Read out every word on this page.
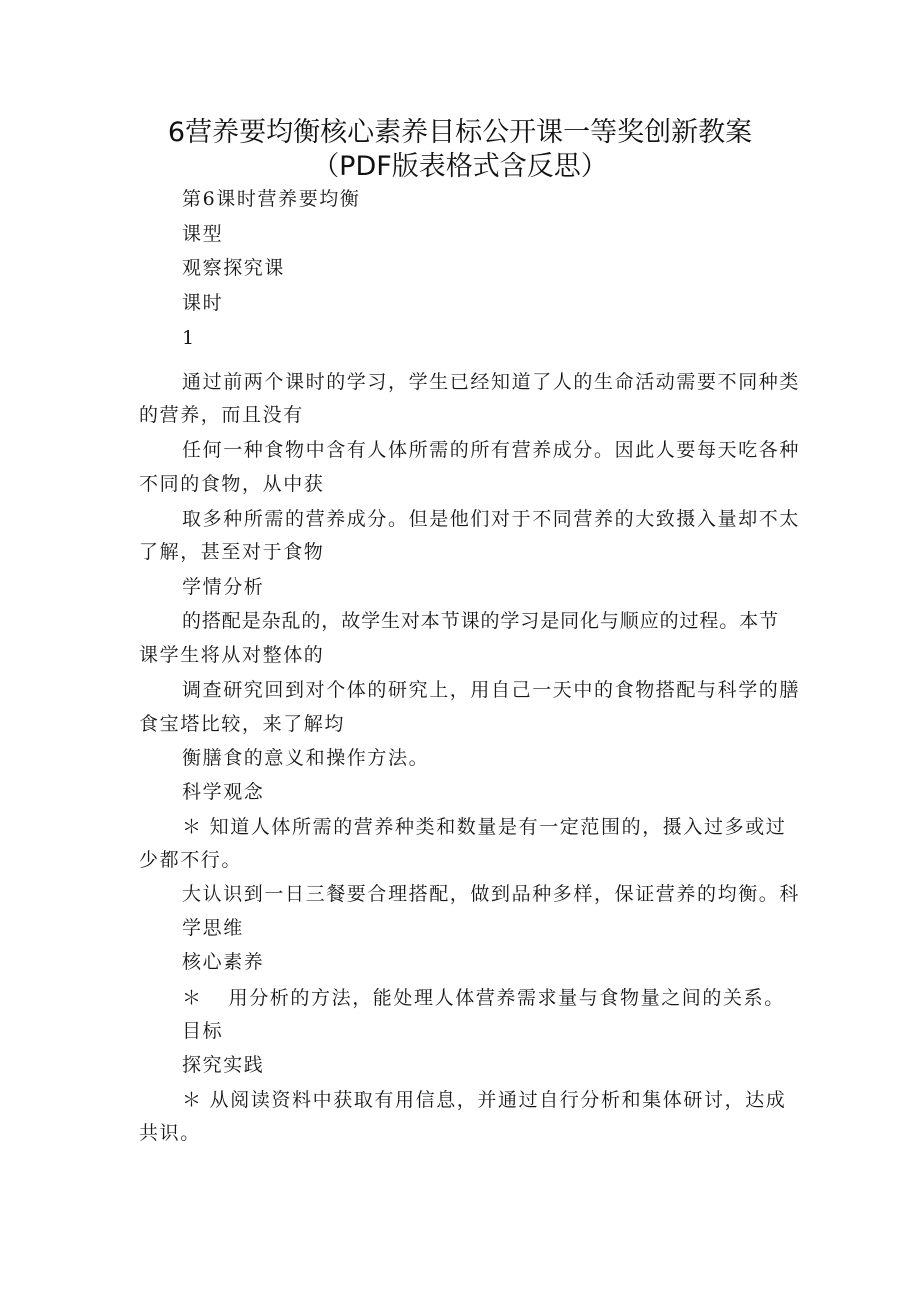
6营养要均衡核心素养目标公开课一等奖创新教案
（PDF版表格式含反思）
第6课时营养要均衡
课型
观察探究课
课时
1
通过前两个课时的学习，学生已经知道了人的生命活动需要不同种类
的营养，而且没有
任何一种食物中含有人体所需的所有营养成分。因此人要每天吃各种
不同的食物，从中获
取多种所需的营养成分。但是他们对于不同营养的大致摄入量却不太
了解，甚至对于食物
学情分析
的搭配是杂乱的，故学生对本节课的学习是同化与顺应的过程。本节
课学生将从对整体的
调查研究回到对个体的研究上，用自己一天中的食物搭配与科学的膳
食宝塔比较，来了解均
衡膳食的意义和操作方法。
科学观念
＊ 知道人体所需的营养种类和数量是有一定范围的，摄入过多或过
少都不行。
大认识到一日三餐要合理搭配，做到品种多样，保证营养的均衡。科
学思维
核心素养
＊ 用分析的方法，能处理人体营养需求量与食物量之间的关系。
目标
探究实践
＊ 从阅读资料中获取有用信息，并通过自行分析和集体研讨，达成
共识。
